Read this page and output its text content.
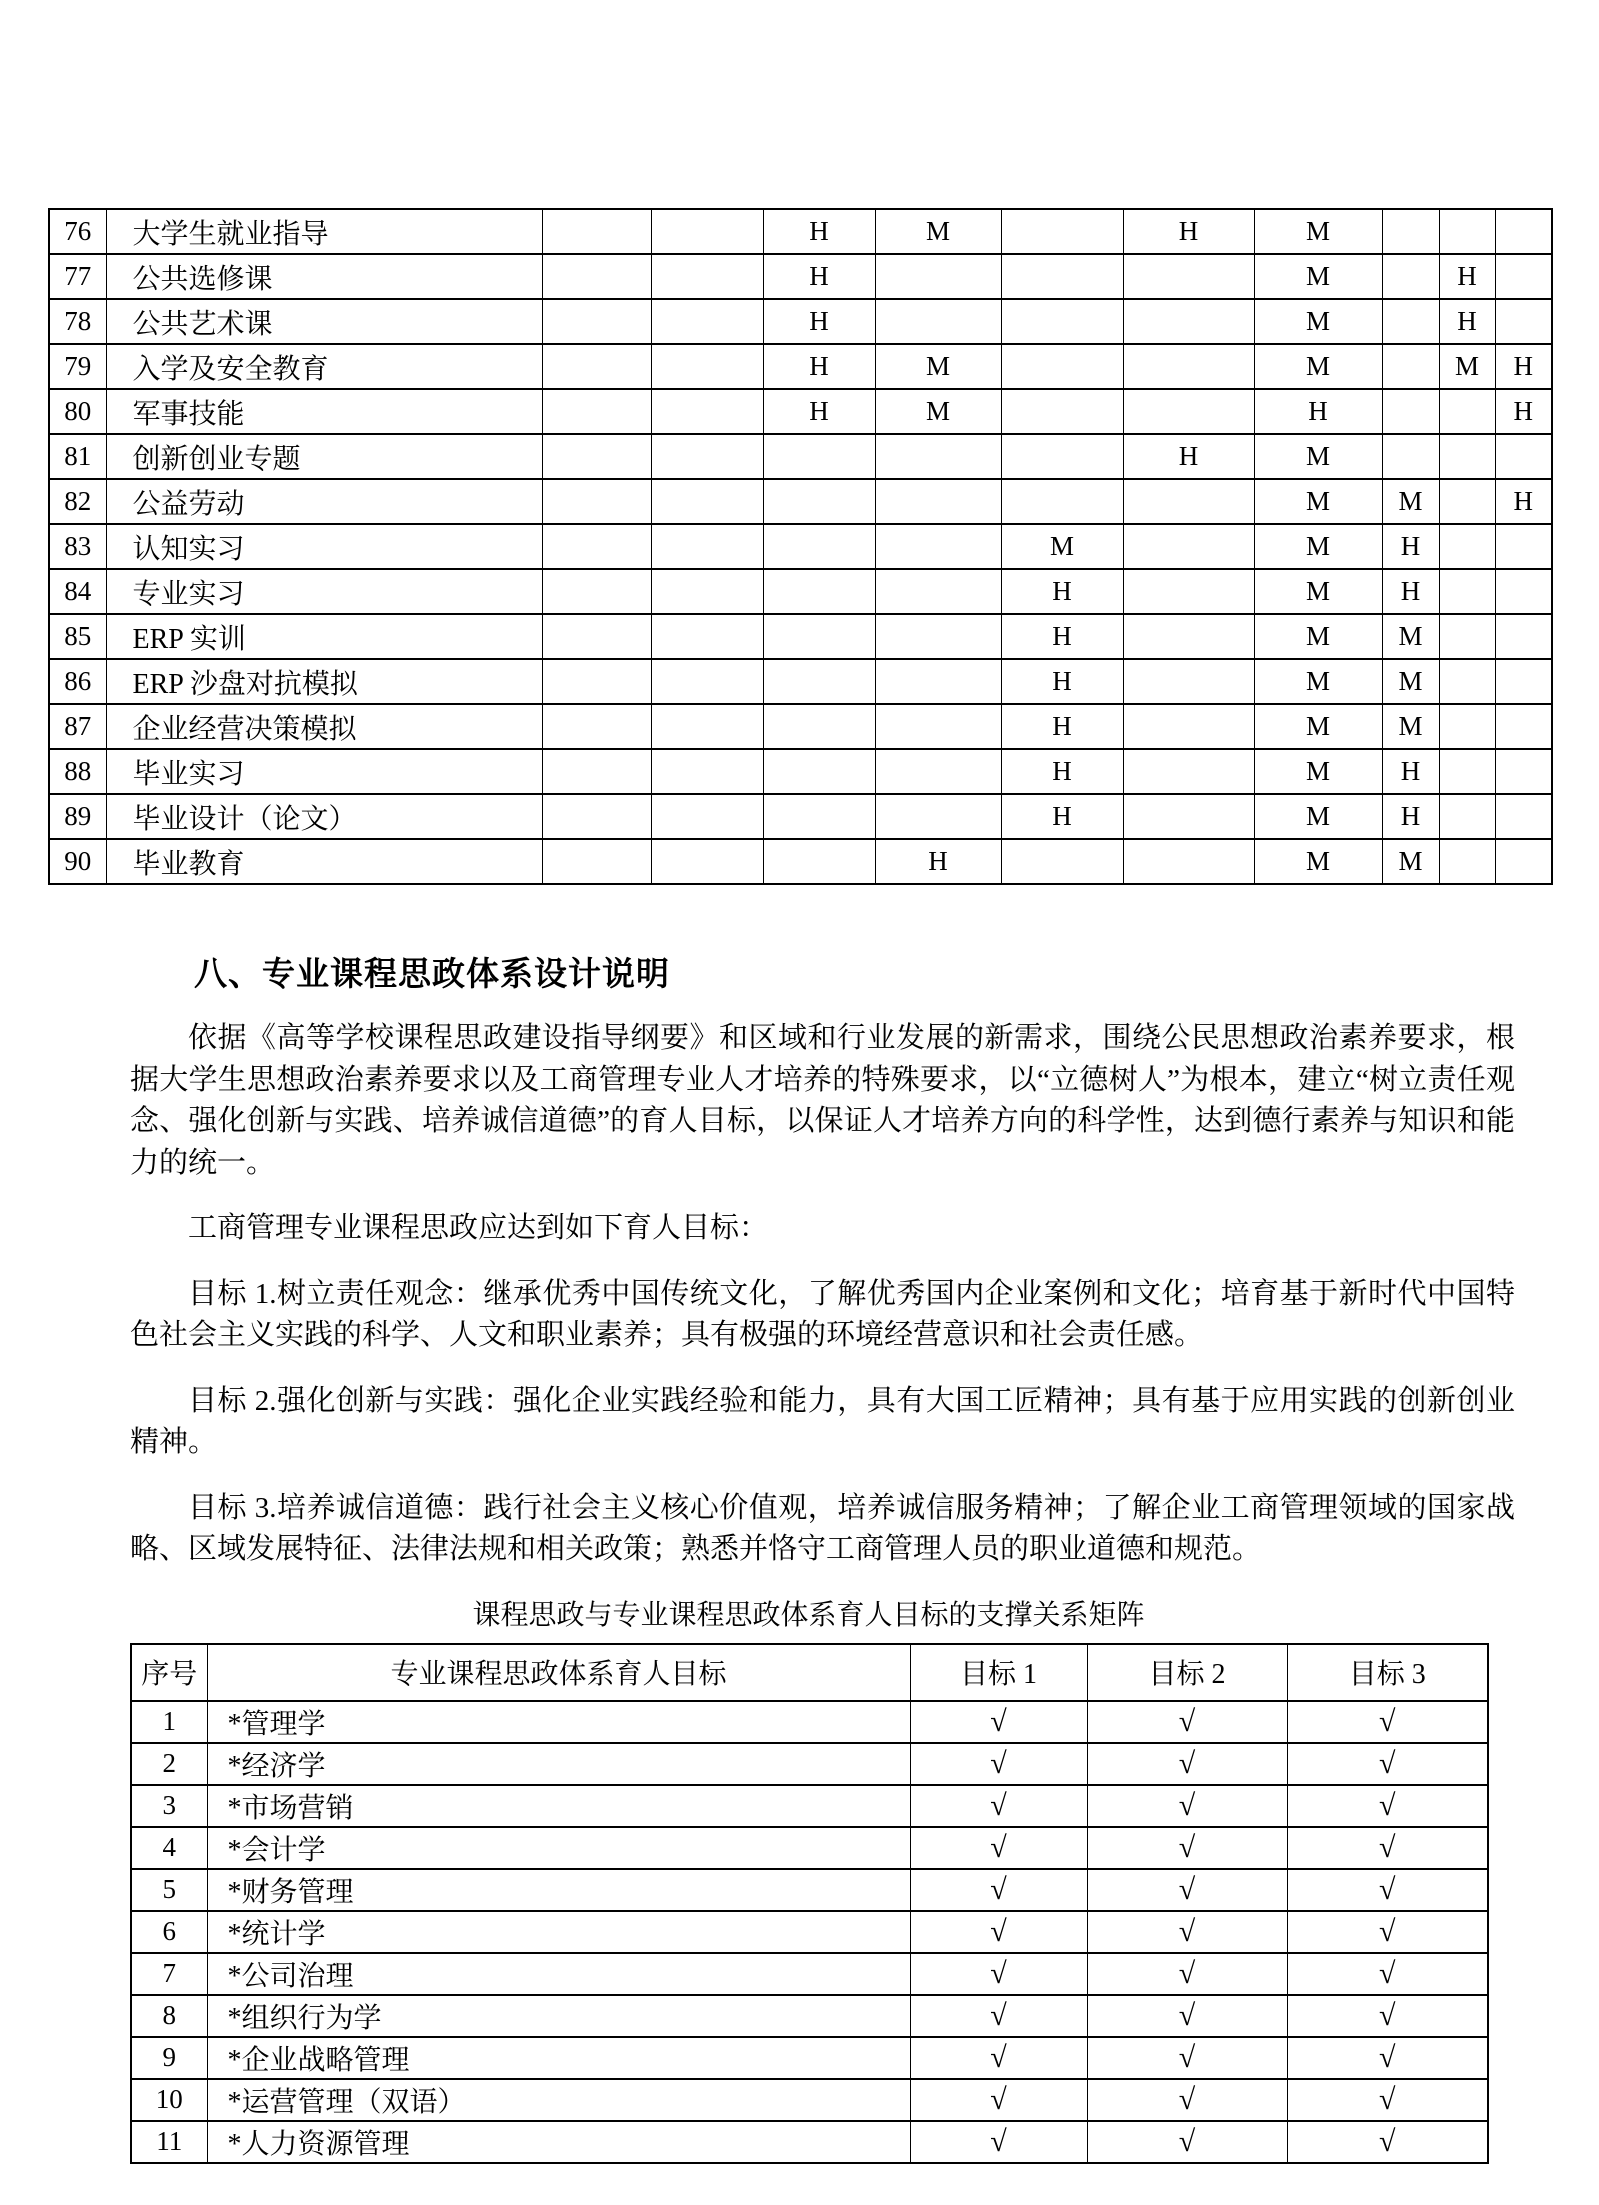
76	大学生就业指导			H	M		H	M			
77	公共选修课			H				M		H	
78	公共艺术课			H				M		H	
79	入学及安全教育			H	M			M		M	H
80	军事技能			H	M			H			H
81	创新创业专题						H	M			
82	公益劳动							M	M		H
83	认知实习					M		M	H		
84	专业实习					H		M	H		
85	ERP 实训					H		M	M		
86	ERP 沙盘对抗模拟					H		M	M		
87	企业经营决策模拟					H		M	M		
88	毕业实习					H		M	H		
89	毕业设计（论文）					H		M	H		
90	毕业教育				H			M	M		
八、专业课程思政体系设计说明

依据《高等学校课程思政建设指导纲要》和区域和行业发展的新需求，围绕公民思想政治素养要求，根据大学生思想政治素养要求以及工商管理专业人才培养的特殊要求，以“立德树人”为根本，建立“树立责任观念、强化创新与实践、培养诚信道德”的育人目标，以保证人才培养方向的科学性，达到德行素养与知识和能力的统一。

工商管理专业课程思政应达到如下育人目标：

目标 1.树立责任观念：继承优秀中国传统文化，了解优秀国内企业案例和文化；培育基于新时代中国特色社会主义实践的科学、人文和职业素养；具有极强的环境经营意识和社会责任感。

目标 2.强化创新与实践：强化企业实践经验和能力，具有大国工匠精神；具有基于应用实践的创新创业精神。

目标 3.培养诚信道德：践行社会主义核心价值观，培养诚信服务精神；了解企业工商管理领域的国家战略、区域发展特征、法律法规和相关政策；熟悉并恪守工商管理人员的职业道德和规范。

课程思政与专业课程思政体系育人目标的支撑关系矩阵
序号	专业课程思政体系育人目标	目标 1	目标 2	目标 3
1	*管理学	√	√	√
2	*经济学	√	√	√
3	*市场营销	√	√	√
4	*会计学	√	√	√
5	*财务管理	√	√	√
6	*统计学	√	√	√
7	*公司治理	√	√	√
8	*组织行为学	√	√	√
9	*企业战略管理	√	√	√
10	*运营管理（双语）	√	√	√
11	*人力资源管理	√	√	√
